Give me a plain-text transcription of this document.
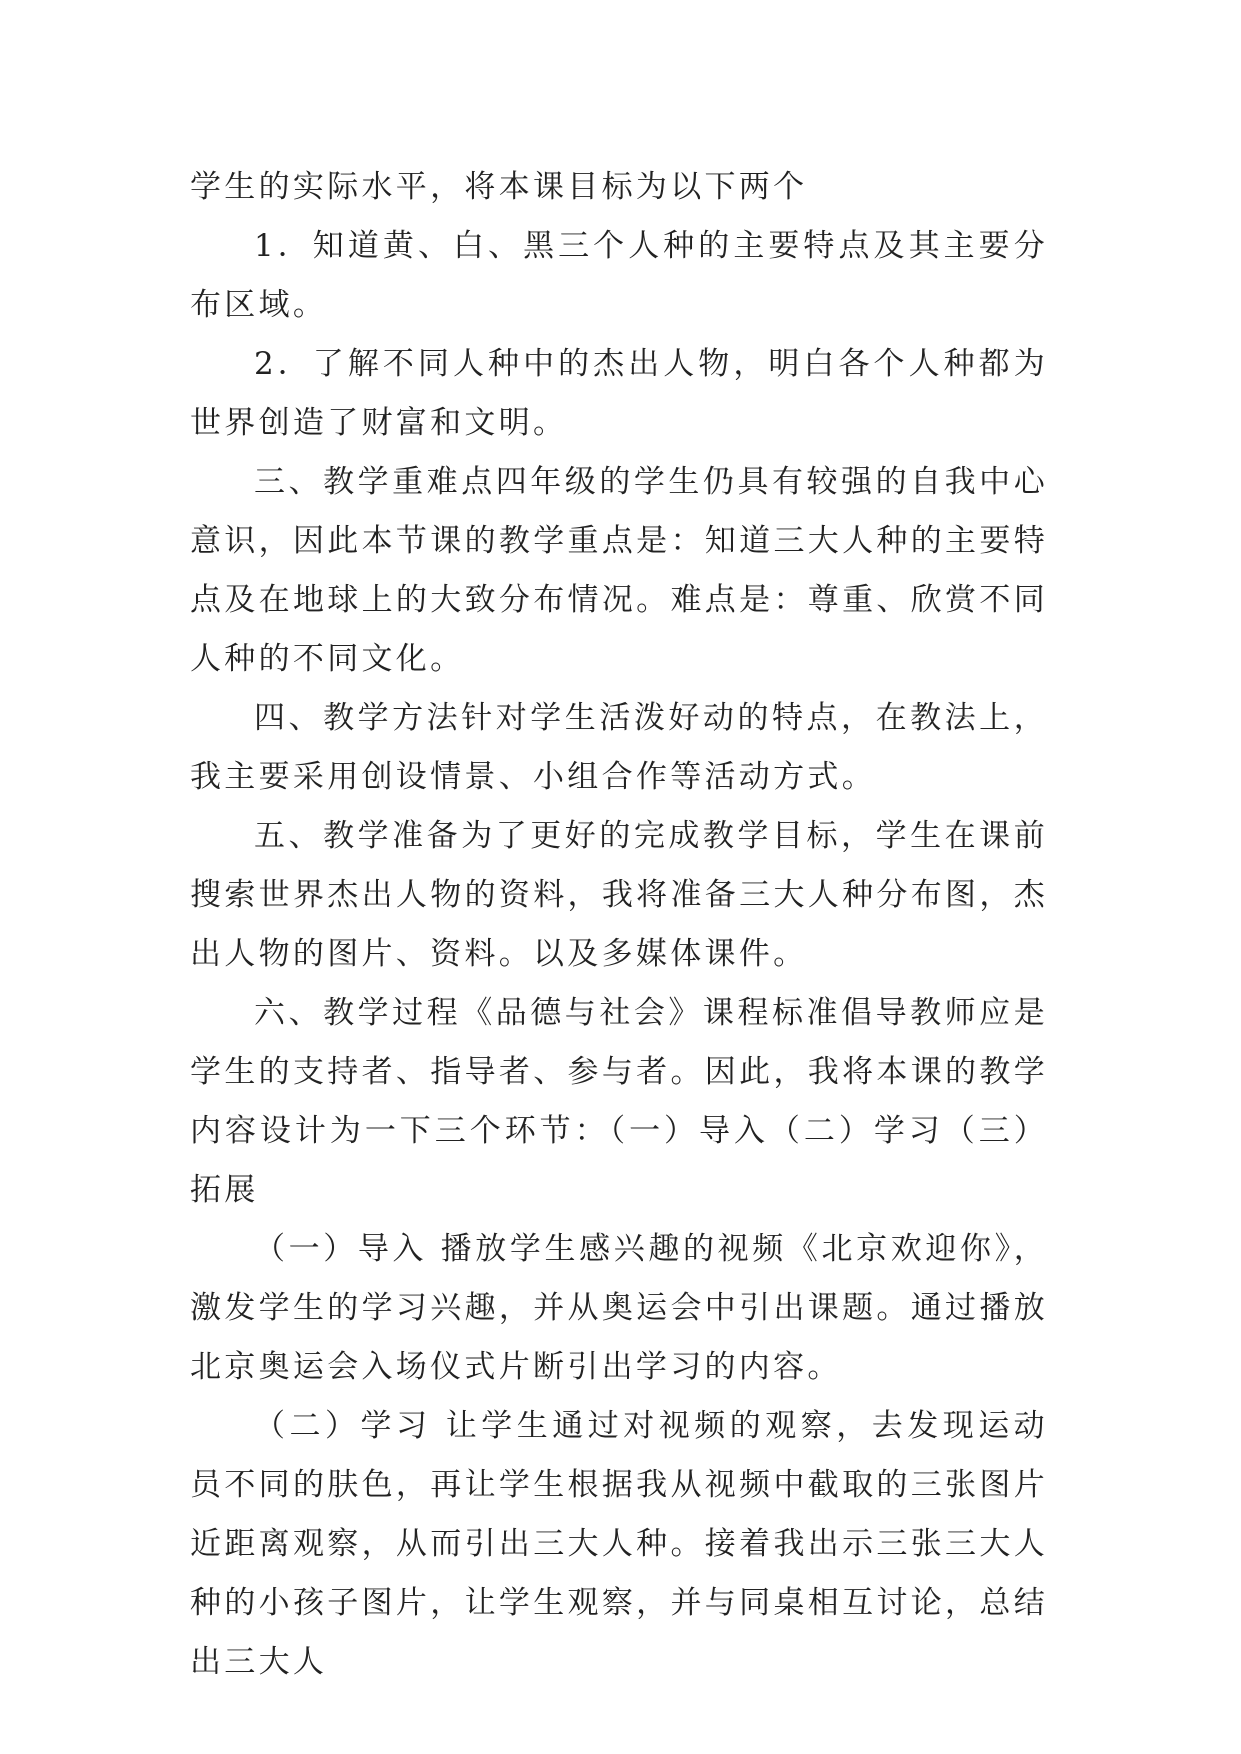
学生的实际水平，将本课目标为以下两个

1．知道黄、白、黑三个人种的主要特点及其主要分布区域。

2．了解不同人种中的杰出人物，明白各个人种都为世界创造了财富和文明。

三、教学重难点四年级的学生仍具有较强的自我中心意识，因此本节课的教学重点是：知道三大人种的主要特点及在地球上的大致分布情况。难点是：尊重、欣赏不同人种的不同文化。

四、教学方法针对学生活泼好动的特点，在教法上，我主要采用创设情景、小组合作等活动方式。

五、教学准备为了更好的完成教学目标，学生在课前搜索世界杰出人物的资料，我将准备三大人种分布图，杰出人物的图片、资料。以及多媒体课件。

六、教学过程《品德与社会》课程标准倡导教师应是学生的支持者、指导者、参与者。因此，我将本课的教学内容设计为一下三个环节：（一）导入（二）学习（三）拓展

（一）导入 播放学生感兴趣的视频《北京欢迎你》，激发学生的学习兴趣，并从奥运会中引出课题。通过播放北京奥运会入场仪式片断引出学习的内容。

（二）学习 让学生通过对视频的观察，去发现运动员不同的肤色，再让学生根据我从视频中截取的三张图片近距离观察，从而引出三大人种。接着我出示三张三大人种的小孩子图片，让学生观察，并与同桌相互讨论，总结出三大人
